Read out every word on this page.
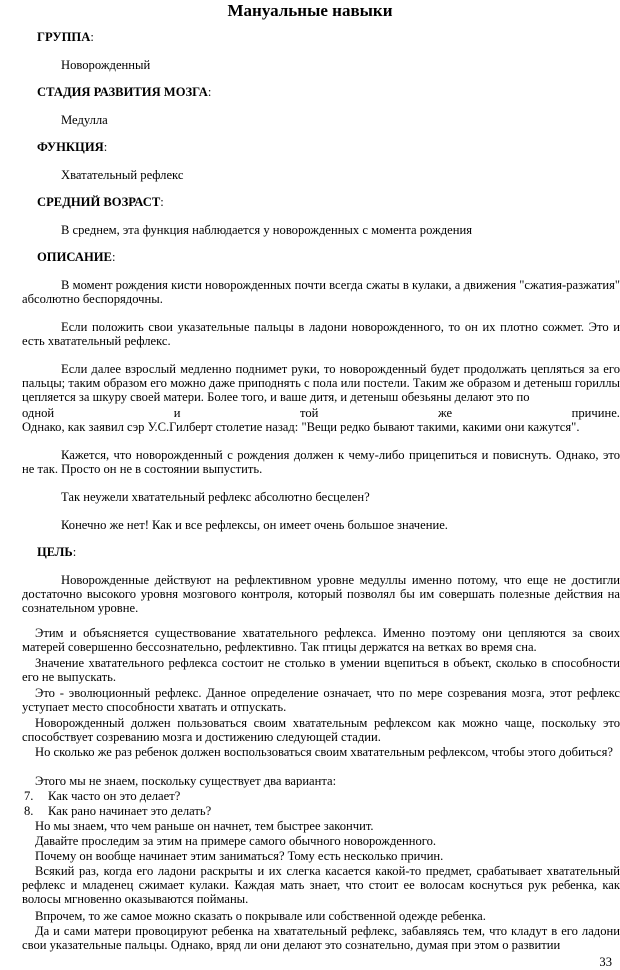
Мануальные навыки
ГРУППА:
Новорожденный
СТАДИЯ РАЗВИТИЯ МОЗГА:
Медулла
ФУНКЦИЯ:
Хватательный рефлекс
СРЕДНИЙ ВОЗРАСТ:
В среднем, эта функция наблюдается у новорожденных с момента рождения
ОПИСАНИЕ:
В момент рождения кисти новорожденных почти всегда сжаты в кулаки, а движения "сжатия-разжатия" абсолютно беспорядочны.
Если положить свои указательные пальцы в ладони новорожденного, то он их плотно сожмет. Это и есть хватательный рефлекс.
Если далее взрослый медленно поднимет руки, то новорожденный будет продолжать цепляться за его пальцы; таким образом его можно даже приподнять с пола или постели. Таким же образом и детеныш гориллы цепляется за шкуру своей матери. Более того, и ваше дитя, и детеныш обезьяны делают это по
одной	и	той	же	причине.
Однако, как заявил сэр У.С.Гилберт столетие назад: "Вещи редко бывают такими, какими они кажутся".
Кажется, что новорожденный с рождения должен к чему-либо прицепиться и повиснуть. Однако, это не так. Просто он не в состоянии выпустить.
Так неужели хватательный рефлекс абсолютно бесцелен?
Конечно же нет! Как и все рефлексы, он имеет очень большое значение.
ЦЕЛЬ:
Новорожденные действуют на рефлективном уровне медуллы именно потому, что еще не достигли достаточно высокого уровня мозгового контроля, который позволял бы им совершать полезные действия на сознательном уровне.
Этим и объясняется существование хватательного рефлекса. Именно поэтому они цепляются за своих матерей совершенно бессознательно, рефлективно. Так птицы держатся на ветках во время сна.
Значение хватательного рефлекса состоит не столько в умении вцепиться в объект, сколько в способности его не выпускать.
Это - эволюционный рефлекс. Данное определение означает, что по мере созревания мозга, этот рефлекс уступает место способности хватать и отпускать.
Новорожденный должен пользоваться своим хватательным рефлексом как можно чаще, поскольку это способствует созреванию мозга и достижению следующей стадии.
Но сколько же раз ребенок должен воспользоваться своим хватательным рефлексом, чтобы этого добиться?
Этого мы не знаем, поскольку существует два варианта:
7. Как часто он это делает?
8. Как рано начинает это делать?
Но мы знаем, что чем раньше он начнет, тем быстрее закончит.
Давайте проследим за этим на примере самого обычного новорожденного.
Почему он вообще начинает этим заниматься? Тому есть несколько причин.
Всякий раз, когда его ладони раскрыты и их слегка касается какой-то предмет, срабатывает хватательный рефлекс и младенец сжимает кулаки. Каждая мать знает, что стоит ее волосам коснуться рук ребенка, как волосы мгновенно оказываются пойманы.
Впрочем, то же самое можно сказать о покрывале или собственной одежде ребенка.
Да и сами матери провоцируют ребенка на хватательный рефлекс, забавляясь тем, что кладут в его ладони свои указательные пальцы. Однако, вряд ли они делают это сознательно, думая при этом о развитии
33
